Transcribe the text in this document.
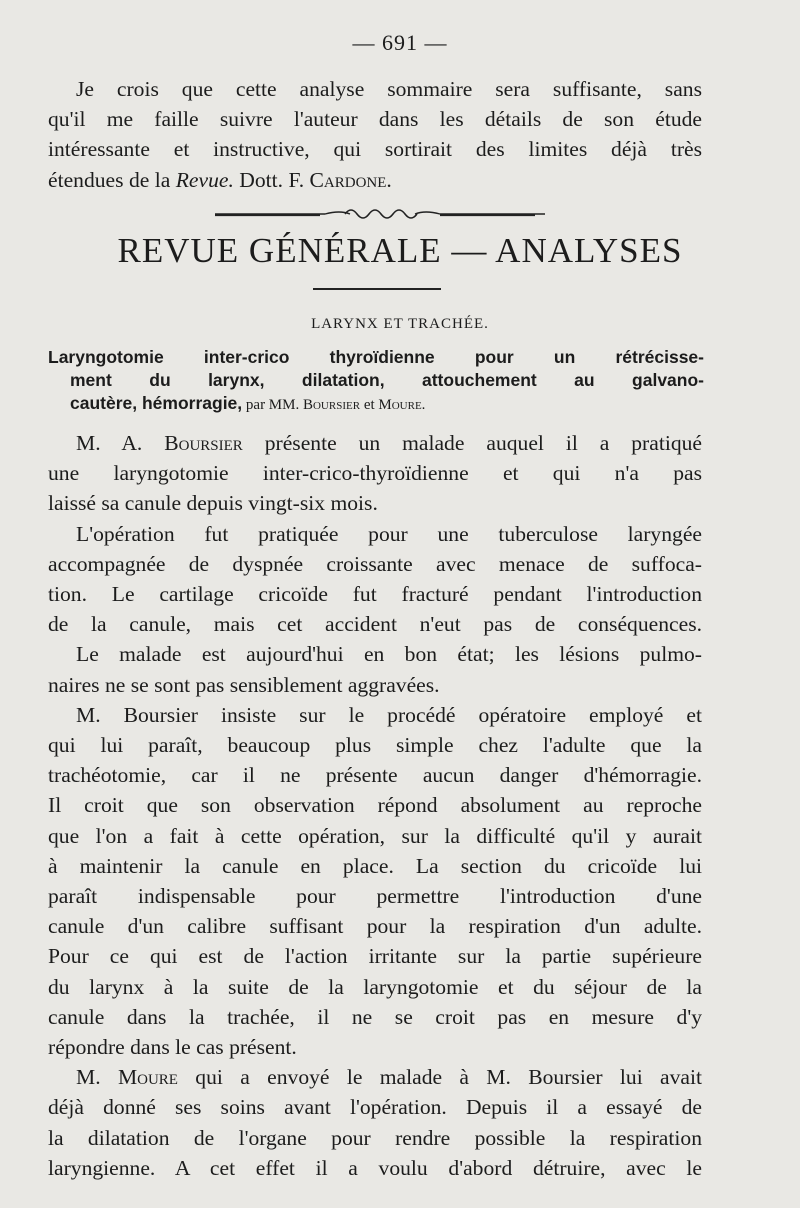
— 691 —
Je crois que cette analyse sommaire sera suffisante, sans
qu'il me faille suivre l'auteur dans les détails de son étude
intéressante et instructive, qui sortirait des limites déjà très
étendues de la Revue. Dott. F. Cardone.
REVUE GÉNÉRALE — ANALYSES
LARYNX ET TRACHÉE.
Laryngotomie inter-crico thyroïdienne pour un rétrécisse-
ment du larynx, dilatation, attouchement au galvano-
cautère, hémorragie, par MM. Boursier et Moure.
M. A. Boursier présente un malade auquel il a pratiqué
une laryngotomie inter-crico-thyroïdienne et qui n'a pas
laissé sa canule depuis vingt-six mois.
L'opération fut pratiquée pour une tuberculose laryngée
accompagnée de dyspnée croissante avec menace de suffoca-
tion. Le cartilage cricoïde fut fracturé pendant l'introduction
de la canule, mais cet accident n'eut pas de conséquences.
Le malade est aujourd'hui en bon état; les lésions pulmo-
naires ne se sont pas sensiblement aggravées.
M. Boursier insiste sur le procédé opératoire employé et
qui lui paraît, beaucoup plus simple chez l'adulte que la
trachéotomie, car il ne présente aucun danger d'hémorragie.
Il croit que son observation répond absolument au reproche
que l'on a fait à cette opération, sur la difficulté qu'il y aurait
à maintenir la canule en place. La section du cricoïde lui
paraît indispensable pour permettre l'introduction d'une
canule d'un calibre suffisant pour la respiration d'un adulte.
Pour ce qui est de l'action irritante sur la partie supérieure
du larynx à la suite de la laryngotomie et du séjour de la
canule dans la trachée, il ne se croit pas en mesure d'y
répondre dans le cas présent.
M. Moure qui a envoyé le malade à M. Boursier lui avait
déjà donné ses soins avant l'opération. Depuis il a essayé de
la dilatation de l'organe pour rendre possible la respiration
laryngienne. A cet effet il a voulu d'abord détruire, avec le
